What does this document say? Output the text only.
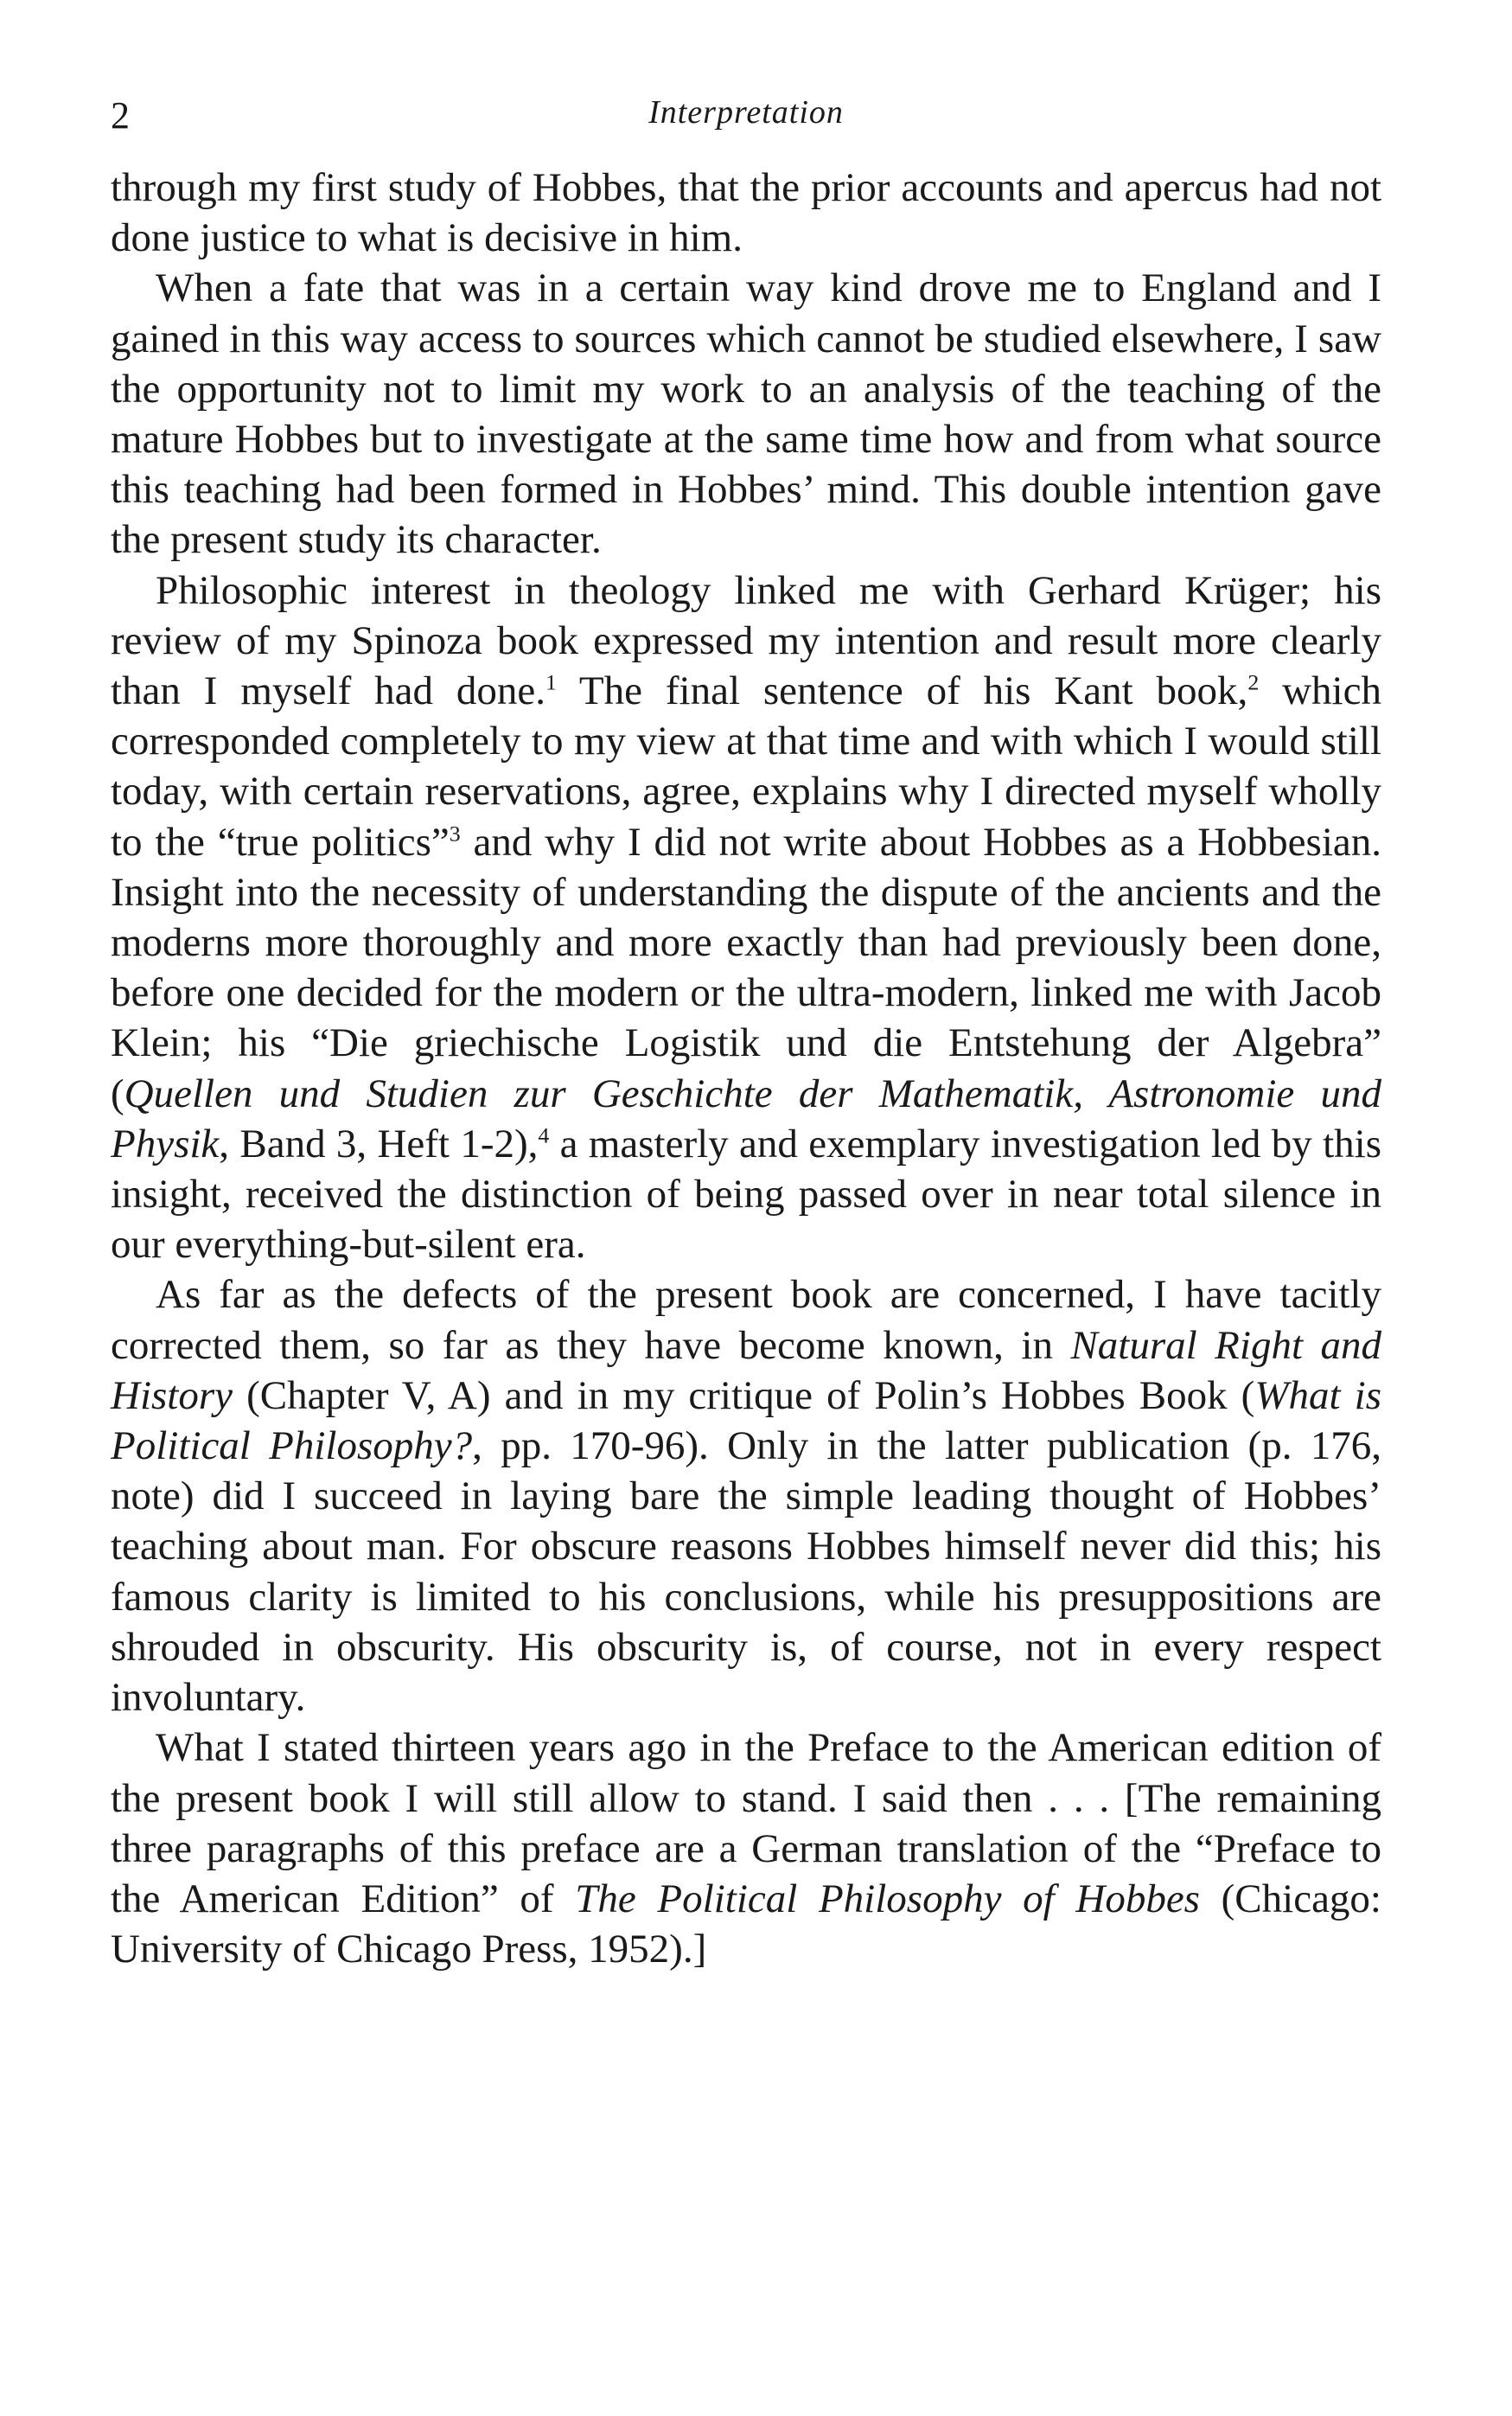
2	Interpretation

through my first study of Hobbes, that the prior accounts and apercus had not done justice to what is decisive in him.

When a fate that was in a certain way kind drove me to England and I gained in this way access to sources which cannot be studied elsewhere, I saw the opportunity not to limit my work to an analysis of the teaching of the mature Hobbes but to investigate at the same time how and from what source this teaching had been formed in Hobbes’ mind. This double intention gave the present study its character.

Philosophic interest in theology linked me with Gerhard Krüger; his review of my Spinoza book expressed my intention and result more clearly than I myself had done.$^1$ The final sentence of his Kant book,$^2$ which corresponded completely to my view at that time and with which I would still today, with certain reservations, agree, explains why I directed myself wholly to the “true politics”$^3$ and why I did not write about Hobbes as a Hobbesian. Insight into the necessity of understanding the dispute of the ancients and the moderns more thoroughly and more exactly than had previously been done, before one decided for the modern or the ultra-modern, linked me with Jacob Klein; his “Die griechische Logistik und die Entstehung der Algebra” (Quellen und Studien zur Geschichte der Mathematik, Astronomie und Physik, Band 3, Heft 1-2),$^4$ a masterly and exemplary investigation led by this insight, received the distinction of being passed over in near total silence in our everything-but-silent era.

As far as the defects of the present book are concerned, I have tacitly corrected them, so far as they have become known, in Natural Right and History (Chapter V, A) and in my critique of Polin’s Hobbes Book (What is Political Philosophy?, pp. 170-96). Only in the latter publication (p. 176, note) did I succeed in laying bare the simple leading thought of Hobbes’ teaching about man. For obscure reasons Hobbes himself never did this; his famous clarity is limited to his conclusions, while his presuppositions are shrouded in obscurity. His obscurity is, of course, not in every respect involuntary.

What I stated thirteen years ago in the Preface to the American edition of the present book I will still allow to stand. I said then . . . [The remaining three paragraphs of this preface are a German translation of the “Preface to the American Edition” of The Political Philosophy of Hobbes (Chicago: University of Chicago Press, 1952).]
